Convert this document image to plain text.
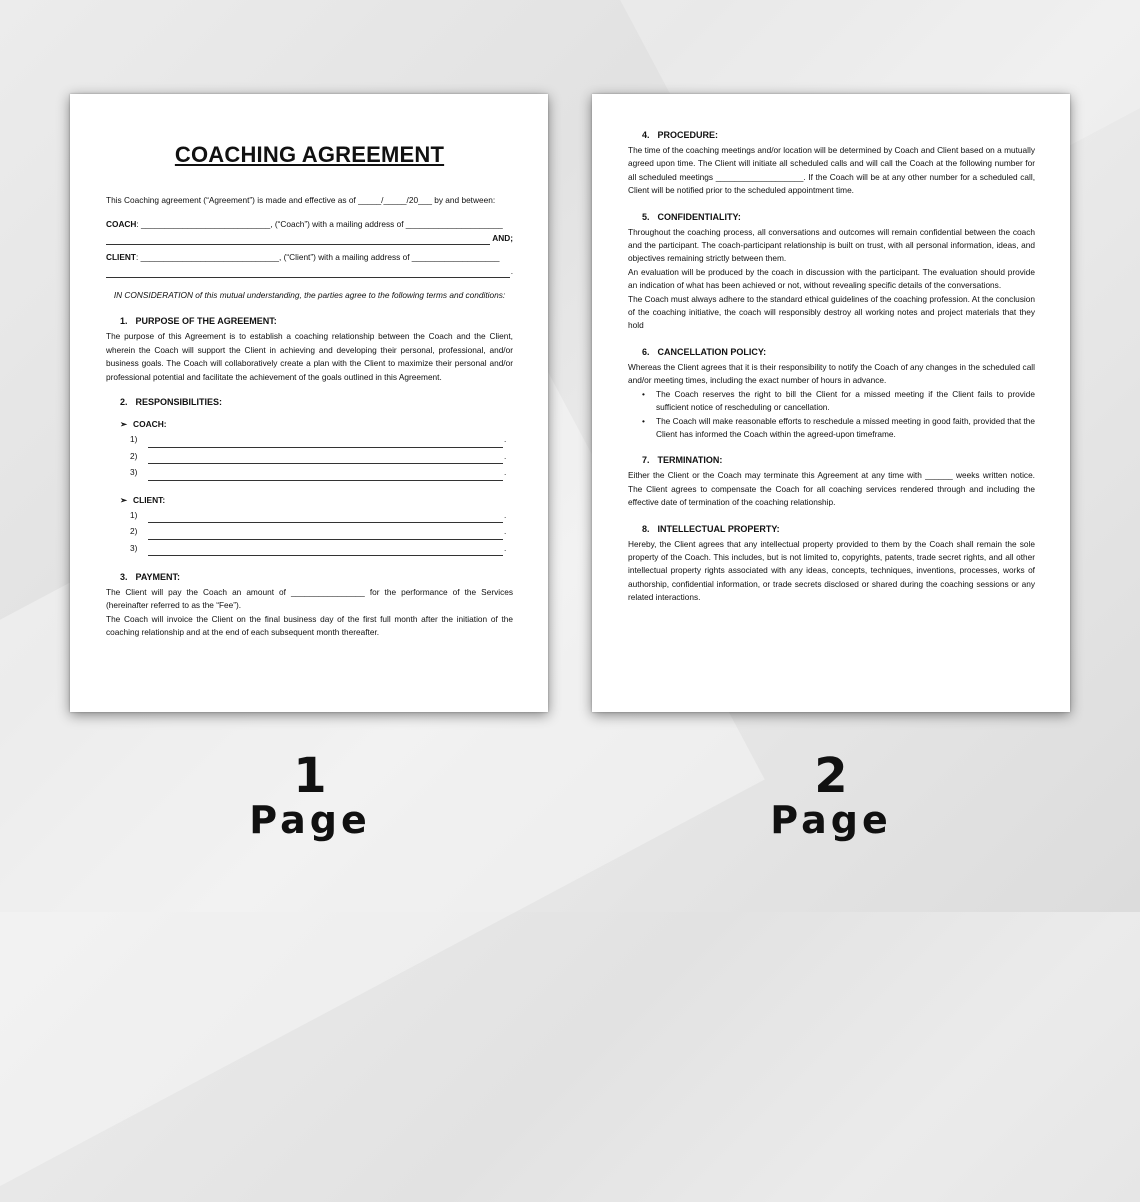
COACHING AGREEMENT

This Coaching agreement (“Agreement”) is made and effective as of _____/_____/20___ by and between:

COACH: ____________________________, (“Coach”) with a mailing address of _____________________

AND;

CLIENT: ______________________________, (“Client”) with a mailing address of ___________________

.

IN CONSIDERATION of this mutual understanding, the parties agree to the following terms and conditions:

1. PURPOSE OF THE AGREEMENT:

The purpose of this Agreement is to establish a coaching relationship between the Coach and the Client, wherein the Coach will support the Client in achieving and developing their personal, professional, and/or business goals. The Coach will collaboratively create a plan with the Client to maximize their personal and/or professional potential and facilitate the achievement of the goals outlined in this Agreement.

2. RESPONSIBILITIES:
➢ COACH:
1)	.
2)	.
3)	.
➢ CLIENT:
1)	.
2)	.
3)	.
3. PAYMENT:

The Client will pay the Coach an amount of ________________ for the performance of the Services (hereinafter referred to as the “Fee”).

The Coach will invoice the Client on the final business day of the first full month after the initiation of the coaching relationship and at the end of each subsequent month thereafter.

4. PROCEDURE:

The time of the coaching meetings and/or location will be determined by Coach and Client based on a mutually agreed upon time. The Client will initiate all scheduled calls and will call the Coach at the following number for all scheduled meetings ___________________. If the Coach will be at any other number for a scheduled call, Client will be notified prior to the scheduled appointment time.

5. CONFIDENTIALITY:

Throughout the coaching process, all conversations and outcomes will remain confidential between the coach and the participant. The coach-participant relationship is built on trust, with all personal information, ideas, and objectives remaining strictly between them.

An evaluation will be produced by the coach in discussion with the participant. The evaluation should provide an indication of what has been achieved or not, without revealing specific details of the conversations.

The Coach must always adhere to the standard ethical guidelines of the coaching profession. At the conclusion of the coaching initiative, the coach will responsibly destroy all working notes and project materials that they hold

6. CANCELLATION POLICY:

Whereas the Client agrees that it is their responsibility to notify the Coach of any changes in the scheduled call and/or meeting times, including the exact number of hours in advance.

• The Coach reserves the right to bill the Client for a missed meeting if the Client fails to provide sufficient notice of rescheduling or cancellation.
• The Coach will make reasonable efforts to reschedule a missed meeting in good faith, provided that the Client has informed the Coach within the agreed-upon timeframe.
7. TERMINATION:

Either the Client or the Coach may terminate this Agreement at any time with ______ weeks written notice. The Client agrees to compensate the Coach for all coaching services rendered through and including the effective date of termination of the coaching relationship.

8. INTELLECTUAL PROPERTY:

Hereby, the Client agrees that any intellectual property provided to them by the Coach shall remain the sole property of the Coach. This includes, but is not limited to, copyrights, patents, trade secret rights, and all other intellectual property rights associated with any ideas, concepts, techniques, inventions, processes, works of authorship, confidential information, or trade secrets disclosed or shared during the coaching sessions or any related interactions.

1
Page
2
Page
